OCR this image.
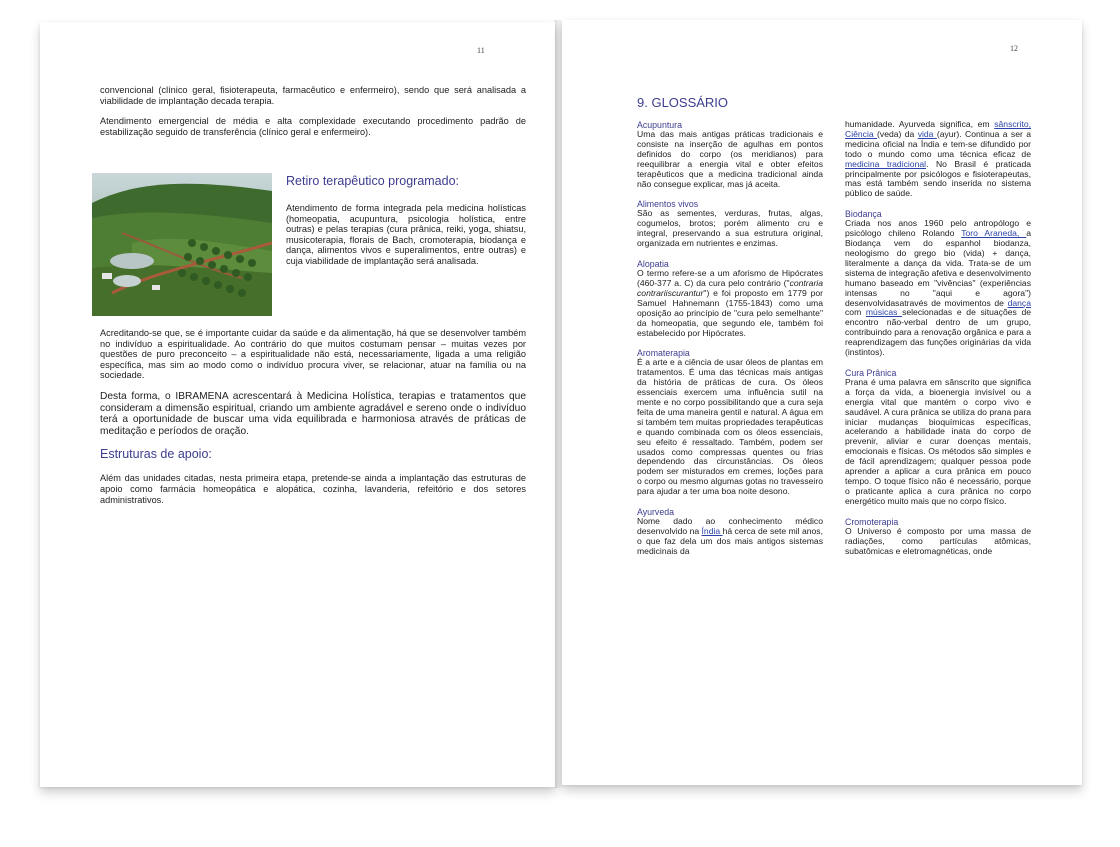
11

convencional (clínico geral, fisioterapeuta, farmacêutico e enfermeiro), sendo que será analisada a viabilidade de implantação decada terapia.

Atendimento emergencial de média e alta complexidade executando procedimento padrão de estabilização seguido de transferência (clínico geral e enfermeiro).

Retiro terapêutico programado:

Atendimento de forma integrada pela medicina holísticas (homeopatia, acupuntura, psicologia holística, entre outras) e pelas terapias (cura prânica, reiki, yoga, shiatsu, musicoterapia, florais de Bach, cromoterapia, biodança e dança, alimentos vivos e superalimentos, entre outras) e cuja viabilidade de implantação será analisada.

Acreditando-se que, se é importante cuidar da saúde e da alimentação, há que se desenvolver também no indivíduo a espiritualidade. Ao contrário do que muitos costumam pensar – muitas vezes por questões de puro preconceito – a espiritualidade não está, necessariamente, ligada a uma religião específica, mas sim ao modo como o indivíduo procura viver, se relacionar, atuar na família ou na sociedade.

Desta forma, o IBRAMENA acrescentará à Medicina Holística, terapias e tratamentos que consideram a dimensão espiritual, criando um ambiente agradável e sereno onde o indivíduo terá a oportunidade de buscar uma vida equilibrada e harmoniosa através de práticas de meditação e períodos de oração.

Estruturas de apoio:

Além das unidades citadas, nesta primeira etapa, pretende-se ainda a implantação das estruturas de apoio como farmácia homeopática e alopática, cozinha, lavanderia, refeitório e dos setores administrativos.

12

9. GLOSSÁRIO

Acupuntura

Uma das mais antigas práticas tradicionais e consiste na inserção de agulhas em pontos definidos do corpo (os meridianos) para reequilibrar a energia vital e obter efeitos terapêuticos que a medicina tradicional ainda não consegue explicar, mas já aceita.

Alimentos vivos

São as sementes, verduras, frutas, algas, cogumelos, brotos; porém alimento cru e integral, preservando a sua estrutura original, organizada em nutrientes e enzimas.

Alopatia

O termo refere-se a um aforismo de Hipócrates (460-377 a. C) da cura pelo contrário ("contraria contrariiscurantur") e foi proposto em 1779 por Samuel Hahnemann (1755-1843) como uma oposição ao princípio de "cura pelo semelhante" da homeopatia, que segundo ele, também foi estabelecido por Hipócrates.

Aromaterapia

É a arte e a ciência de usar óleos de plantas em tratamentos. É uma das técnicas mais antigas da história de práticas de cura. Os óleos essenciais exercem uma influência sutil na mente e no corpo possibilitando que a cura seja feita de uma maneira gentil e natural. A água em si também tem muitas propriedades terapêuticas e quando combinada com os óleos essenciais, seu efeito é ressaltado. Também, podem ser usados como compressas quentes ou frias dependendo das circunstâncias. Os óleos podem ser misturados em cremes, loções para o corpo ou mesmo algumas gotas no travesseiro para ajudar a ter uma boa noite desono.

Ayurveda

Nome dado ao conhecimento médico desenvolvido na Índia há cerca de sete mil anos, o que faz dela um dos mais antigos sistemas medicinais da

humanidade. Ayurveda significa, em sânscrito, Ciência (veda) da vida (ayur). Continua a ser a medicina oficial na Índia e tem-se difundido por todo o mundo como uma técnica eficaz de medicina tradicional. No Brasil é praticada principalmente por psicólogos e fisioterapeutas, mas está também sendo inserida no sistema público de saúde.

Biodança

Criada nos anos 1960 pelo antropólogo e psicólogo chileno Rolando Toro Araneda, a Biodança vem do espanhol biodanza, neologismo do grego bio (vida) + dança, literalmente a dança da vida. Trata-se de um sistema de integração afetiva e desenvolvimento humano baseado em "vivências" (experiências intensas no "aqui e agora") desenvolvidasatravés de movimentos de dança com músicas selecionadas e de situações de encontro não-verbal dentro de um grupo, contribuindo para a renovação orgânica e para a reaprendizagem das funções originárias da vida (instintos).

Cura Prânica

Prana é uma palavra em sânscrito que significa a força da vida, a bioenergia invisível ou a energia vital que mantém o corpo vivo e saudável. A cura prânica se utiliza do prana para iniciar mudanças bioquímicas específicas, acelerando a habilidade inata do corpo de prevenir, aliviar e curar doenças mentais, emocionais e físicas. Os métodos são simples e de fácil aprendizagem; qualquer pessoa pode aprender a aplicar a cura prânica em pouco tempo. O toque físico não é necessário, porque o praticante aplica a cura prânica no corpo energético muito mais que no corpo físico.

Cromoterapia

O Universo é composto por uma massa de radiações, como partículas atômicas, subatômicas e eletromagnéticas, onde
